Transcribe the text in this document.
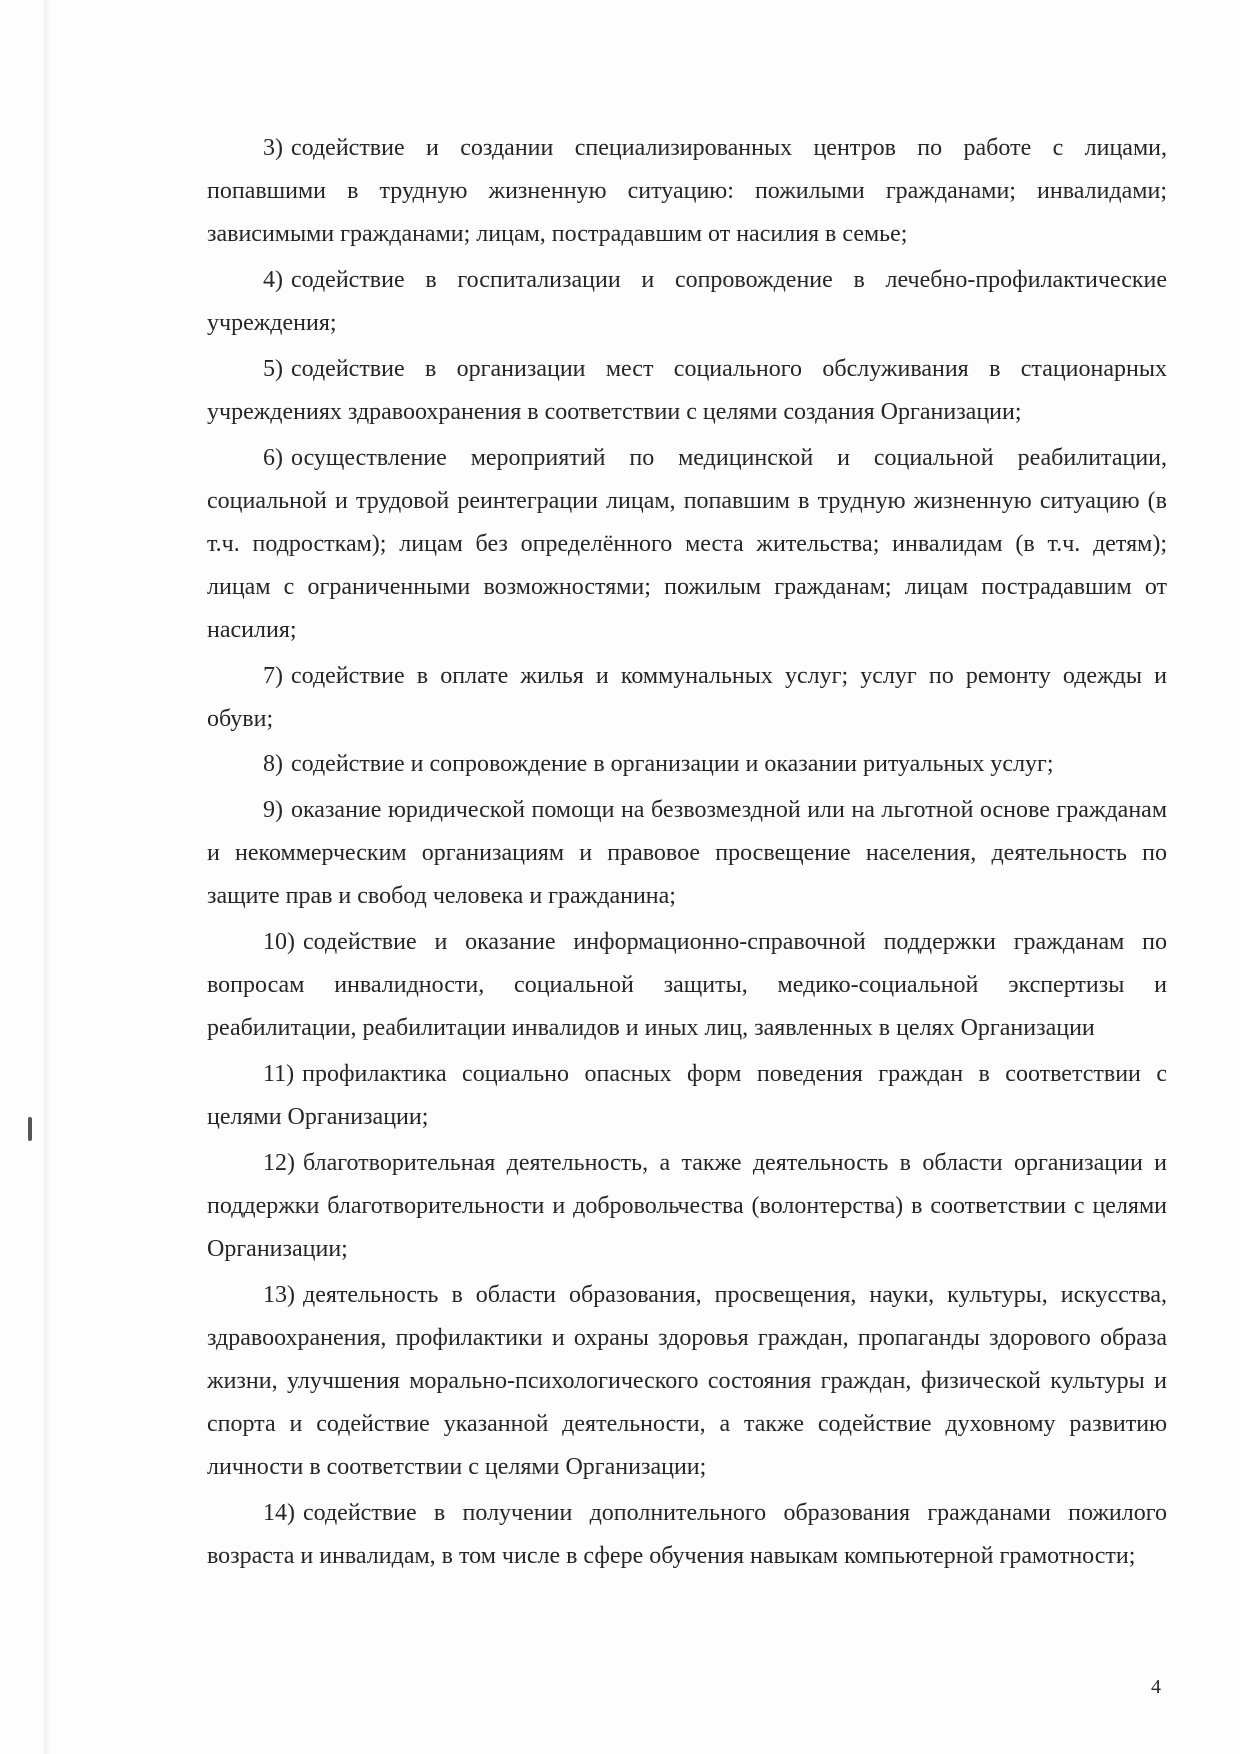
3) содействие и создании специализированных центров по работе с лицами, попавшими в трудную жизненную ситуацию: пожилыми гражданами; инвалидами; зависимыми гражданами; лицам, пострадавшим от насилия в семье;

4) содействие в госпитализации и сопровождение в лечебно-профилактические учреждения;

5) содействие в организации мест социального обслуживания в стационарных учреждениях здравоохранения в соответствии с целями создания Организации;

6) осуществление мероприятий по медицинской и социальной реабилитации, социальной и трудовой реинтеграции лицам, попавшим в трудную жизненную ситуацию (в т.ч. подросткам); лицам без определённого места жительства; инвалидам (в т.ч. детям); лицам с ограниченными возможностями; пожилым гражданам; лицам пострадавшим от насилия;

7) содействие в оплате жилья и коммунальных услуг; услуг по ремонту одежды и обуви;

8) содействие и сопровождение в организации и оказании ритуальных услуг;

9) оказание юридической помощи на безвозмездной или на льготной основе гражданам и некоммерческим организациям и правовое просвещение населения, деятельность по защите прав и свобод человека и гражданина;

10) содействие и оказание информационно-справочной поддержки гражданам по вопросам инвалидности, социальной защиты, медико-социальной экспертизы и реабилитации, реабилитации инвалидов и иных лиц, заявленных в целях Организации

11) профилактика социально опасных форм поведения граждан в соответствии с целями Организации;

12) благотворительная деятельность, а также деятельность в области организации и поддержки благотворительности и добровольчества (волонтерства) в соответствии с целями Организации;

13) деятельность в области образования, просвещения, науки, культуры, искусства, здравоохранения, профилактики и охраны здоровья граждан, пропаганды здорового образа жизни, улучшения морально-психологического состояния граждан, физической культуры и спорта и содействие указанной деятельности, а также содействие духовному развитию личности в соответствии с целями Организации;

14) содействие в получении дополнительного образования гражданами пожилого возраста и инвалидам, в том числе в сфере обучения навыкам компьютерной грамотности;

4
